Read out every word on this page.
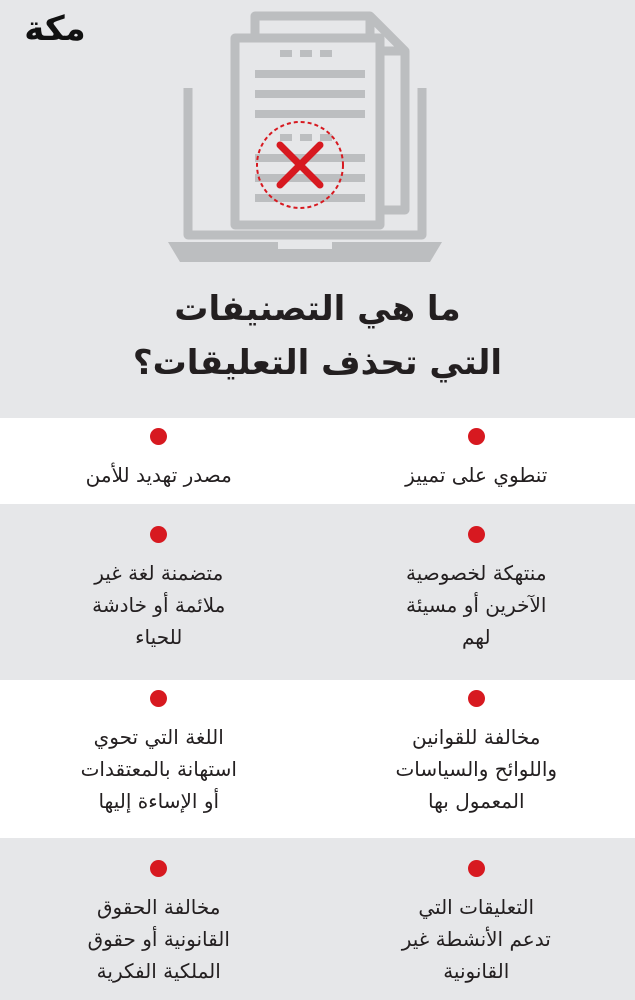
مكة
ما هي التصنيفات
التي تحذف التعليقات؟
تنطوي على تمييز
مصدر تهديد للأمن
منتهكة لخصوصية
الآخرين أو مسيئة
لهم
متضمنة لغة غير
ملائمة أو خادشة
للحياء
مخالفة للقوانين
واللوائح والسياسات
المعمول بها
اللغة التي تحوي
استهانة بالمعتقدات
أو الإساءة إليها
التعليقات التي
تدعم الأنشطة غير
القانونية
مخالفة الحقوق
القانونية أو حقوق
الملكية الفكرية
